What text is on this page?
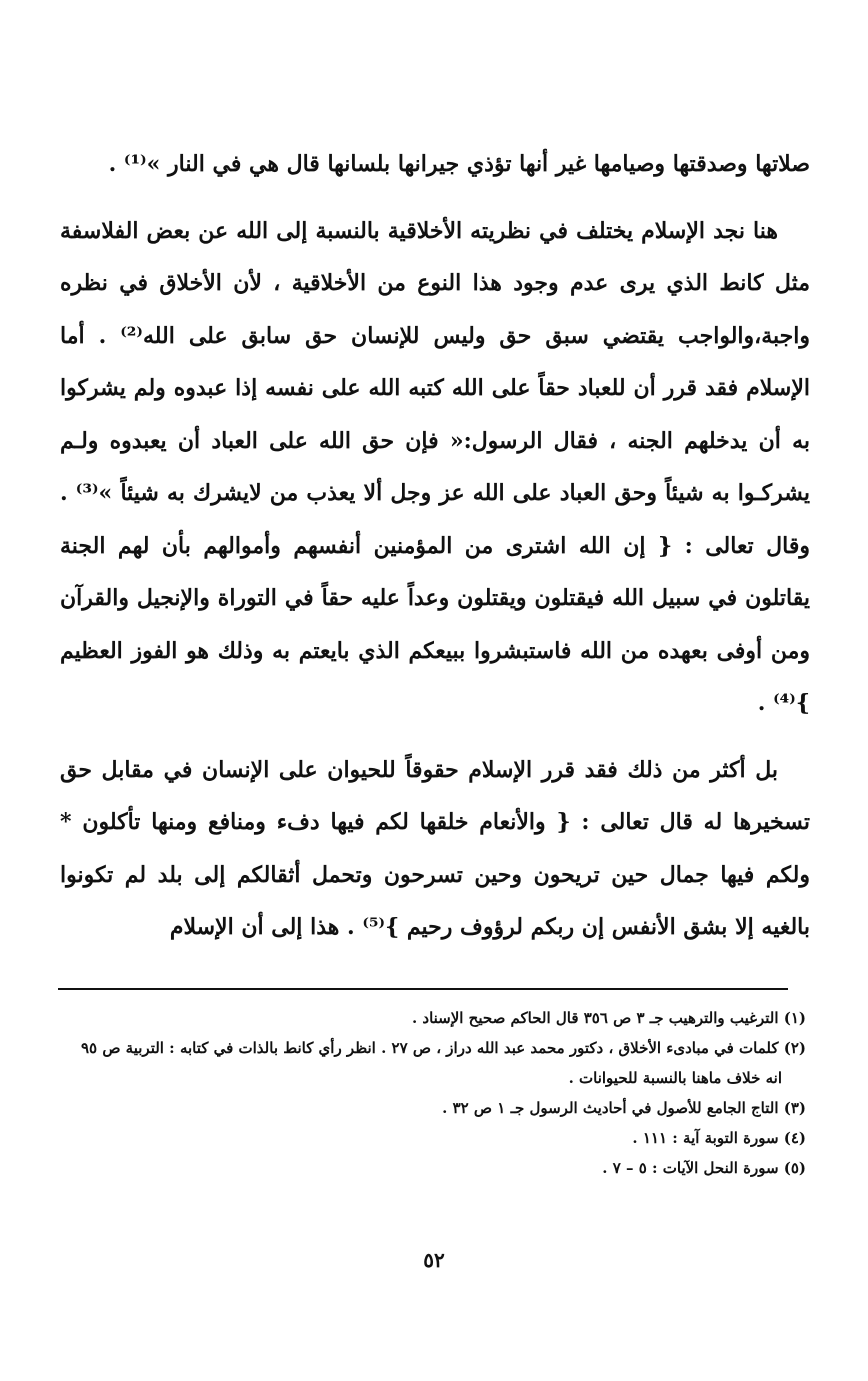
صلاتها وصدقتها وصيامها غير أنها تؤذي جيرانها بلسانها قال هي في النار »⁽¹⁾ .

هنا نجد الإسلام يختلف في نظريته الأخلاقية بالنسبة إلى الله عن بعض الفلاسفة مثل كانط الذي يرى عدم وجود هذا النوع من الأخلاقية ، لأن الأخلاق في نظره واجبة،والواجب يقتضي سبق حق وليس للإنسان حق سابق على الله⁽²⁾ . أما الإسلام فقد قرر أن للعباد حقاً على الله كتبه الله على نفسه إذا عبدوه ولم يشركوا به أن يدخلهم الجنه ، فقال الرسول:« فإن حق الله على العباد أن يعبدوه ولـم يشركـوا به شيئاً وحق العباد على الله عز وجل ألا يعذب من لايشرك به شيئاً »⁽³⁾ . وقال تعالى : { إن الله اشترى من المؤمنين أنفسهم وأموالهم بأن لهم الجنة يقاتلون في سبيل الله فيقتلون ويقتلون وعداً عليه حقاً في التوراة والإنجيل والقرآن ومن أوفى بعهده من الله فاستبشروا ببيعكم الذي بايعتم به وذلك هو الفوز العظيم }⁽⁴⁾ .

بل أكثر من ذلك فقد قرر الإسلام حقوقاً للحيوان على الإنسان في مقابل حق تسخيرها له قال تعالى : { والأنعام خلقها لكم فيها دفء ومنافع ومنها تأكلون * ولكم فيها جمال حين تريحون وحين تسرحون وتحمل أثقالكم إلى بلد لم تكونوا بالغيه إلا بشق الأنفس إن ربكم لرؤوف رحيم }⁽⁵⁾ . هذا إلى أن الإسلام

(١) الترغيب والترهيب جـ ٣ ص ٣٥٦ قال الحاكم صحيح الإسناد .

(٢) كلمات في مبادىء الأخلاق ، دكتور محمد عبد الله دراز ، ص ٢٧ . انظر رأي كانط بالذات في كتابه : التربية ص ٩٥ انه خلاف ماهنا بالنسبة للحيوانات .

(٣) التاج الجامع للأصول في أحاديث الرسول جـ ١ ص ٣٢ .

(٤) سورة التوبة آية : ١١١ .

(٥) سورة النحل الآيات : ٥ – ٧ .

٥٢
